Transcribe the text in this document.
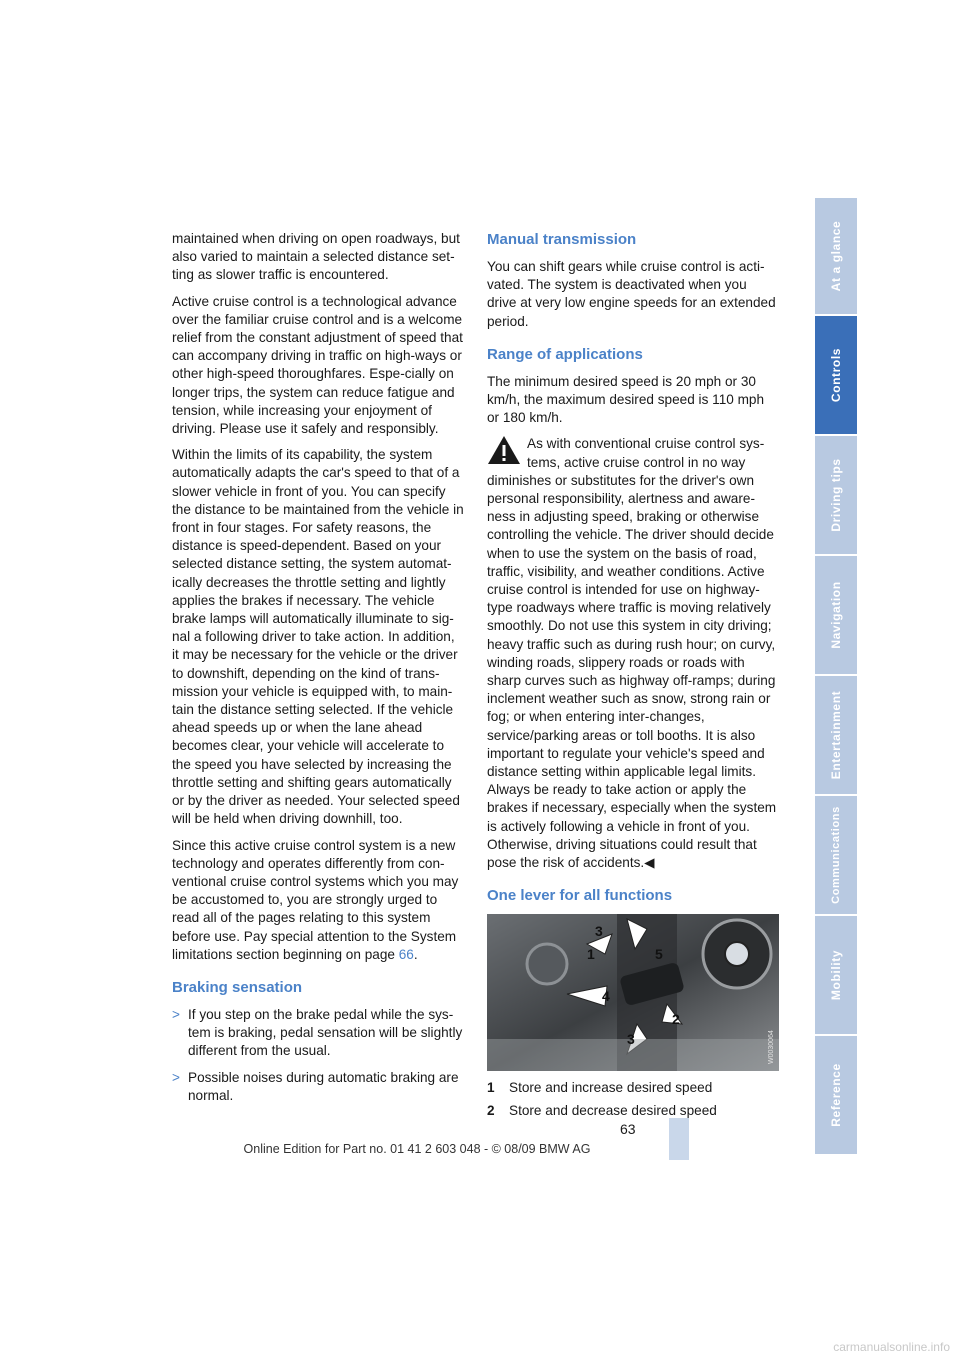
maintained when driving on open roadways, but also varied to maintain a selected distance set-ting as slower traffic is encountered.

Active cruise control is a technological advance over the familiar cruise control and is a welcome relief from the constant adjustment of speed that can accompany driving in traffic on high-ways or other high-speed thoroughfares. Espe-cially on longer trips, the system can reduce fatigue and tension, while increasing your enjoyment of driving. Please use it safely and responsibly.

Within the limits of its capability, the system automatically adapts the car's speed to that of a slower vehicle in front of you. You can specify the distance to be maintained from the vehicle in front in four stages. For safety reasons, the distance is speed-dependent. Based on your selected distance setting, the system automat-ically decreases the throttle setting and lightly applies the brakes if necessary. The vehicle brake lamps will automatically illuminate to sig-nal a following driver to take action. In addition, it may be necessary for the vehicle or the driver to downshift, depending on the kind of trans-mission your vehicle is equipped with, to main-tain the distance setting selected. If the vehicle ahead speeds up or when the lane ahead becomes clear, your vehicle will accelerate to the speed you have selected by increasing the throttle setting and shifting gears automatically or by the driver as needed. Your selected speed will be held when driving downhill, too.

Since this active cruise control system is a new technology and operates differently from con-ventional cruise control systems which you may be accustomed to, you are strongly urged to read all of the pages relating to this system before use. Pay special attention to the System limitations section beginning on page 66.

Braking sensation
> If you step on the brake pedal while the sys-tem is braking, pedal sensation will be slightly different from the usual.
> Possible noises during automatic braking are normal.
Manual transmission

You can shift gears while cruise control is acti-vated. The system is deactivated when you drive at very low engine speeds for an extended period.

Range of applications

The minimum desired speed is 20 mph or 30 km/h, the maximum desired speed is 110 mph or 180 km/h.

As with conventional cruise control sys-tems, active cruise control in no way diminishes or substitutes for the driver's own personal responsibility, alertness and aware-ness in adjusting speed, braking or otherwise controlling the vehicle. The driver should decide when to use the system on the basis of road, traffic, visibility, and weather conditions. Active cruise control is intended for use on highway-type roadways where traffic is moving relatively smoothly. Do not use this system in city driving; heavy traffic such as during rush hour; on curvy, winding roads, slippery roads or roads with sharp curves such as highway off-ramps; during inclement weather such as snow, strong rain or fog; or when entering inter-changes, service/parking areas or toll booths. It is also important to regulate your vehicle's speed and distance setting within applicable legal limits. Always be ready to take action or apply the brakes if necessary, especially when the system is actively following a vehicle in front of you. Otherwise, driving situations could result that pose the risk of accidents.◀

One lever for all functions
1
2
3
3
4
5
W0030064
1	Store and increase desired speed
2	Store and decrease desired speed
At a glance
Controls
Driving tips
Navigation
Entertainment
Communications
Mobility
Reference
63
Online Edition for Part no. 01 41 2 603 048 - © 08/09 BMW AG
carmanualsonline.info
